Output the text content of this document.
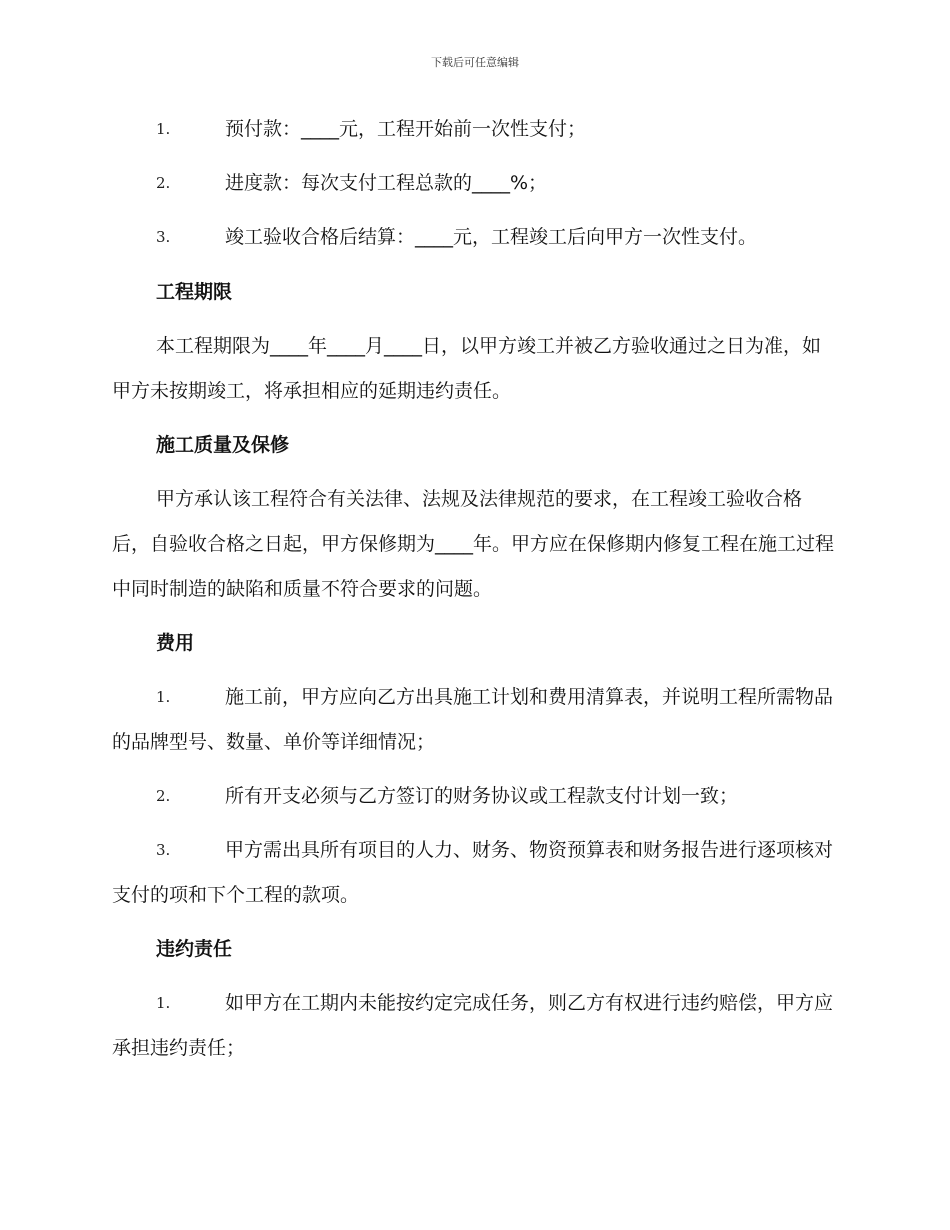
下载后可任意编辑
1.	预付款：____元，工程开始前一次性支付；
2.	进度款：每次支付工程总款的____%；
3.	竣工验收合格后结算：____元，工程竣工后向甲方一次性支付。
工程期限
本工程期限为____年____月____日，以甲方竣工并被乙方验收通过之日为准，如甲方未按期竣工，将承担相应的延期违约责任。
施工质量及保修
甲方承认该工程符合有关法律、法规及法律规范的要求，在工程竣工验收合格后，自验收合格之日起，甲方保修期为____年。甲方应在保修期内修复工程在施工过程中同时制造的缺陷和质量不符合要求的问题。
费用
1.	施工前，甲方应向乙方出具施工计划和费用清算表，并说明工程所需物品的品牌型号、数量、单价等详细情况；
2.	所有开支必须与乙方签订的财务协议或工程款支付计划一致；
3.	甲方需出具所有项目的人力、财务、物资预算表和财务报告进行逐项核对支付的项和下个工程的款项。
违约责任
1.	如甲方在工期内未能按约定完成任务，则乙方有权进行违约赔偿，甲方应承担违约责任；
